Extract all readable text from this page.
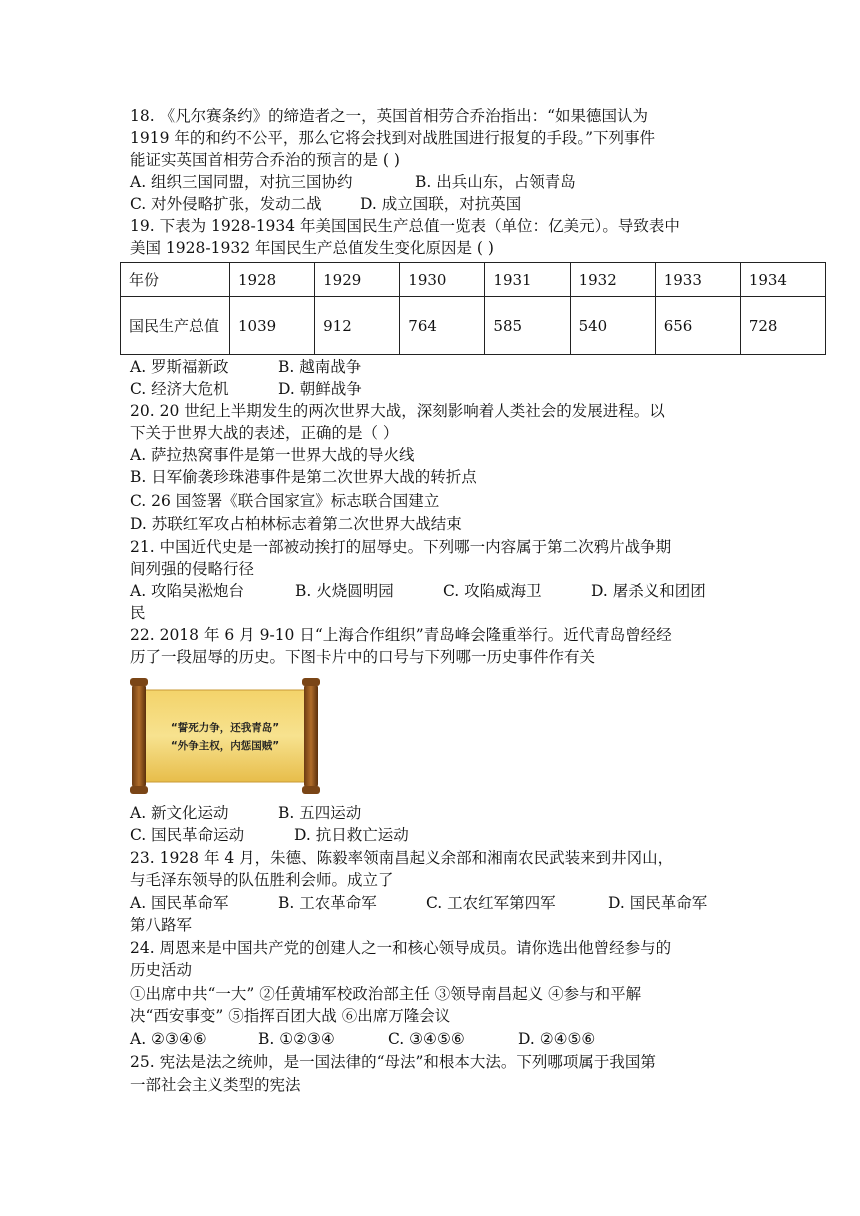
18. 《凡尔赛条约》的缔造者之一，英国首相劳合乔治指出：“如果德国认为
1919 年的和约不公平，那么它将会找到对战胜国进行报复的手段。”下列事件
能证实英国首相劳合乔治的预言的是 ( )
A. 组织三国同盟，对抗三国协约	B. 出兵山东，占领青岛
C. 对外侵略扩张，发动二战 D. 成立国联，对抗英国
19. 下表为 1928-1934 年美国国民生产总值一览表（单位：亿美元）。导致表中
美国 1928-1932 年国民生产总值发生变化原因是 ( )
年份	1928	1929	1930	1931	1932	1933	1934
国民生产总值	1039	912	764	585	540	656	728
A. 罗斯福新政	B. 越南战争
C. 经济大危机	D. 朝鲜战争
20. 20 世纪上半期发生的两次世界大战，深刻影响着人类社会的发展进程。以
下关于世界大战的表述，正确的是（ ）
A. 萨拉热窝事件是第一世界大战的导火线
B. 日军偷袭珍珠港事件是第二次世界大战的转折点
C. 26 国签署《联合国家宣》标志联合国建立
D. 苏联红军攻占柏林标志着第二次世界大战结束
21. 中国近代史是一部被动挨打的屈辱史。下列哪一内容属于第二次鸦片战争期
间列强的侵略行径
A. 攻陷吴淞炮台	B. 火烧圆明园	C. 攻陷威海卫	D. 屠杀义和团团
民
22. 2018 年 6 月 9-10 日“上海合作组织”青岛峰会隆重举行。近代青岛曾经经
历了一段屈辱的历史。下图卡片中的口号与下列哪一历史事件作有关
“誓死力争，还我青岛”
“外争主权，内惩国贼”
A. 新文化运动	B. 五四运动
C. 国民革命运动	D. 抗日救亡运动
23. 1928 年 4 月，朱德、陈毅率领南昌起义余部和湘南农民武装来到井冈山，
与毛泽东领导的队伍胜利会师。成立了
A. 国民革命军	B. 工农革命军	C. 工农红军第四军	D. 国民革命军
第八路军
24. 周恩来是中国共产党的创建人之一和核心领导成员。请你选出他曾经参与的
历史活动
①出席中共“一大” ②任黄埔军校政治部主任 ③领导南昌起义 ④参与和平解
决“西安事变” ⑤指挥百团大战 ⑥出席万隆会议
A. ②③④⑥	B. ①②③④	C. ③④⑤⑥	D. ②④⑤⑥
25. 宪法是法之统帅，是一国法律的“母法”和根本大法。下列哪项属于我国第
一部社会主义类型的宪法
